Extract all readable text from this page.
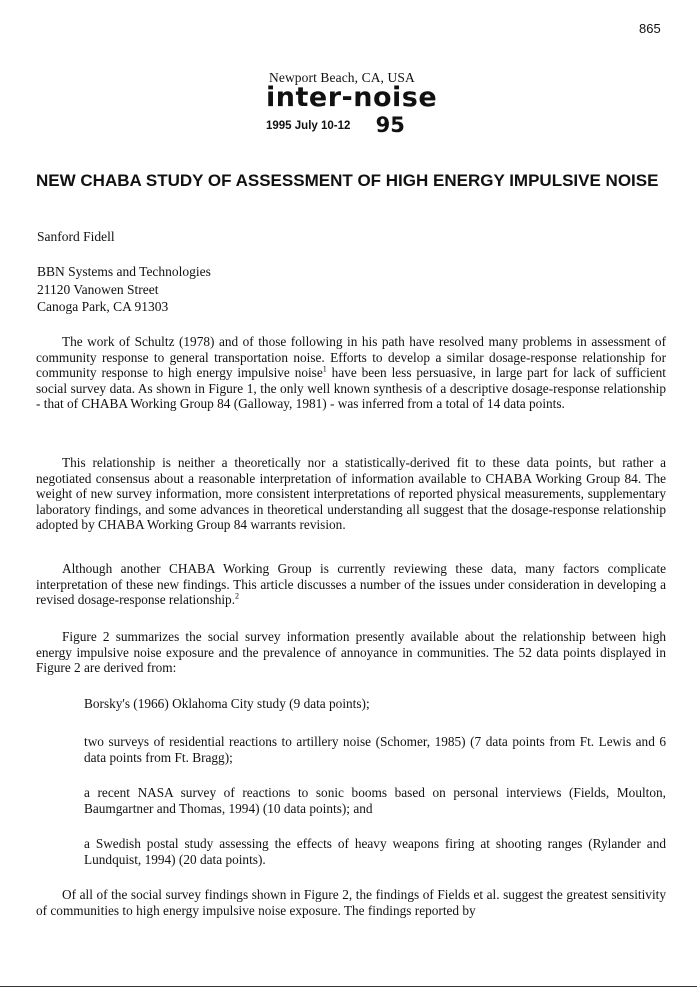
865
Newport Beach, CA, USA
inter-noise
1995 July 10-12 95
NEW CHABA STUDY OF ASSESSMENT OF HIGH ENERGY IMPULSIVE NOISE
Sanford Fidell
BBN Systems and Technologies
21120 Vanowen Street
Canoga Park, CA 91303

The work of Schultz (1978) and of those following in his path have resolved many problems in assessment of community response to general transportation noise. Efforts to develop a similar dosage-response relationship for community response to high energy impulsive noise$^1$ have been less persuasive, in large part for lack of sufficient social survey data. As shown in Figure 1, the only well known synthesis of a descriptive dosage-response relationship - that of CHABA Working Group 84 (Galloway, 1981) - was inferred from a total of 14 data points.

This relationship is neither a theoretically nor a statistically-derived fit to these data points, but rather a negotiated consensus about a reasonable interpretation of information available to CHABA Working Group 84. The weight of new survey information, more consistent interpretations of reported physical measurements, supplementary laboratory findings, and some advances in theoretical understanding all suggest that the dosage-response relationship adopted by CHABA Working Group 84 warrants revision.

Although another CHABA Working Group is currently reviewing these data, many factors complicate interpretation of these new findings. This article discusses a number of the issues under consideration in developing a revised dosage-response relationship.$^2$

Figure 2 summarizes the social survey information presently available about the relationship between high energy impulsive noise exposure and the prevalence of annoyance in communities. The 52 data points displayed in Figure 2 are derived from:

Borsky's (1966) Oklahoma City study (9 data points);

two surveys of residential reactions to artillery noise (Schomer, 1985) (7 data points from Ft. Lewis and 6 data points from Ft. Bragg);

a recent NASA survey of reactions to sonic booms based on personal interviews (Fields, Moulton, Baumgartner and Thomas, 1994) (10 data points); and

a Swedish postal study assessing the effects of heavy weapons firing at shooting ranges (Rylander and Lundquist, 1994) (20 data points).

Of all of the social survey findings shown in Figure 2, the findings of Fields et al. suggest the greatest sensitivity of communities to high energy impulsive noise exposure. The findings reported by
